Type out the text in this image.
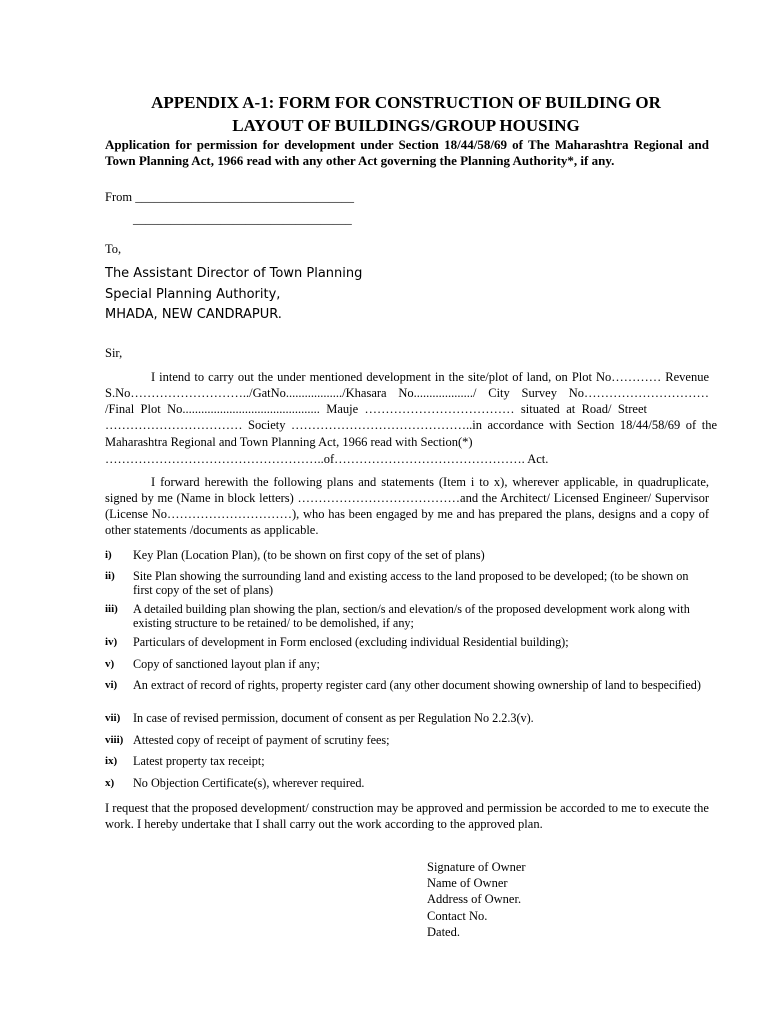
APPENDIX A-1: FORM FOR CONSTRUCTION OF BUILDING OR
LAYOUT OF BUILDINGS/GROUP HOUSING
Application for permission for development under Section 18/44/58/69 of The Maharashtra Regional and Town Planning Act, 1966 read with any other Act governing the Planning Authority*, if any.
From ___________________________________
___________________________________
To,
The Assistant Director of Town Planning
Special Planning Authority,
MHADA, NEW CANDRAPUR.
Sir,
I intend to carry out the under mentioned development in the site/plot of land, on Plot No………… Revenue
S.No………………………../GatNo................../Khasara No.................../ City Survey No…………………………
/Final Plot No............................................ Mauje ……………………………… situated at Road/ Street
…………………………… Society ……………………………………..in accordance with Section 18/44/58/69 of the
Maharashtra Regional and Town Planning Act, 1966 read with Section(*)
……………………………………………..of………………………………………. Act.
I forward herewith the following plans and statements (Item i to x), wherever applicable, in quadruplicate, signed by me (Name in block letters) …………………………………and the Architect/ Licensed Engineer/ Supervisor (License No…………………………), who has been engaged by me and has prepared the plans, designs and a copy of other statements /documents as applicable.
i) Key Plan (Location Plan), (to be shown on first copy of the set of plans)
ii) Site Plan showing the surrounding land and existing access to the land proposed to be developed; (to be shown on first copy of the set of plans)
iii) A detailed building plan showing the plan, section/s and elevation/s of the proposed development work along with existing structure to be retained/ to be demolished, if any;
iv) Particulars of development in Form enclosed (excluding individual Residential building);
v) Copy of sanctioned layout plan if any;
vi) An extract of record of rights, property register card (any other document showing ownership of land to bespecified)
vii) In case of revised permission, document of consent as per Regulation No 2.2.3(v).
viii) Attested copy of receipt of payment of scrutiny fees;
ix) Latest property tax receipt;
x) No Objection Certificate(s), wherever required.
I request that the proposed development/ construction may be approved and permission be accorded to me to execute the work. I hereby undertake that I shall carry out the work according to the approved plan.
Signature of Owner
Name of Owner
Address of Owner.
Contact No.
Dated.
